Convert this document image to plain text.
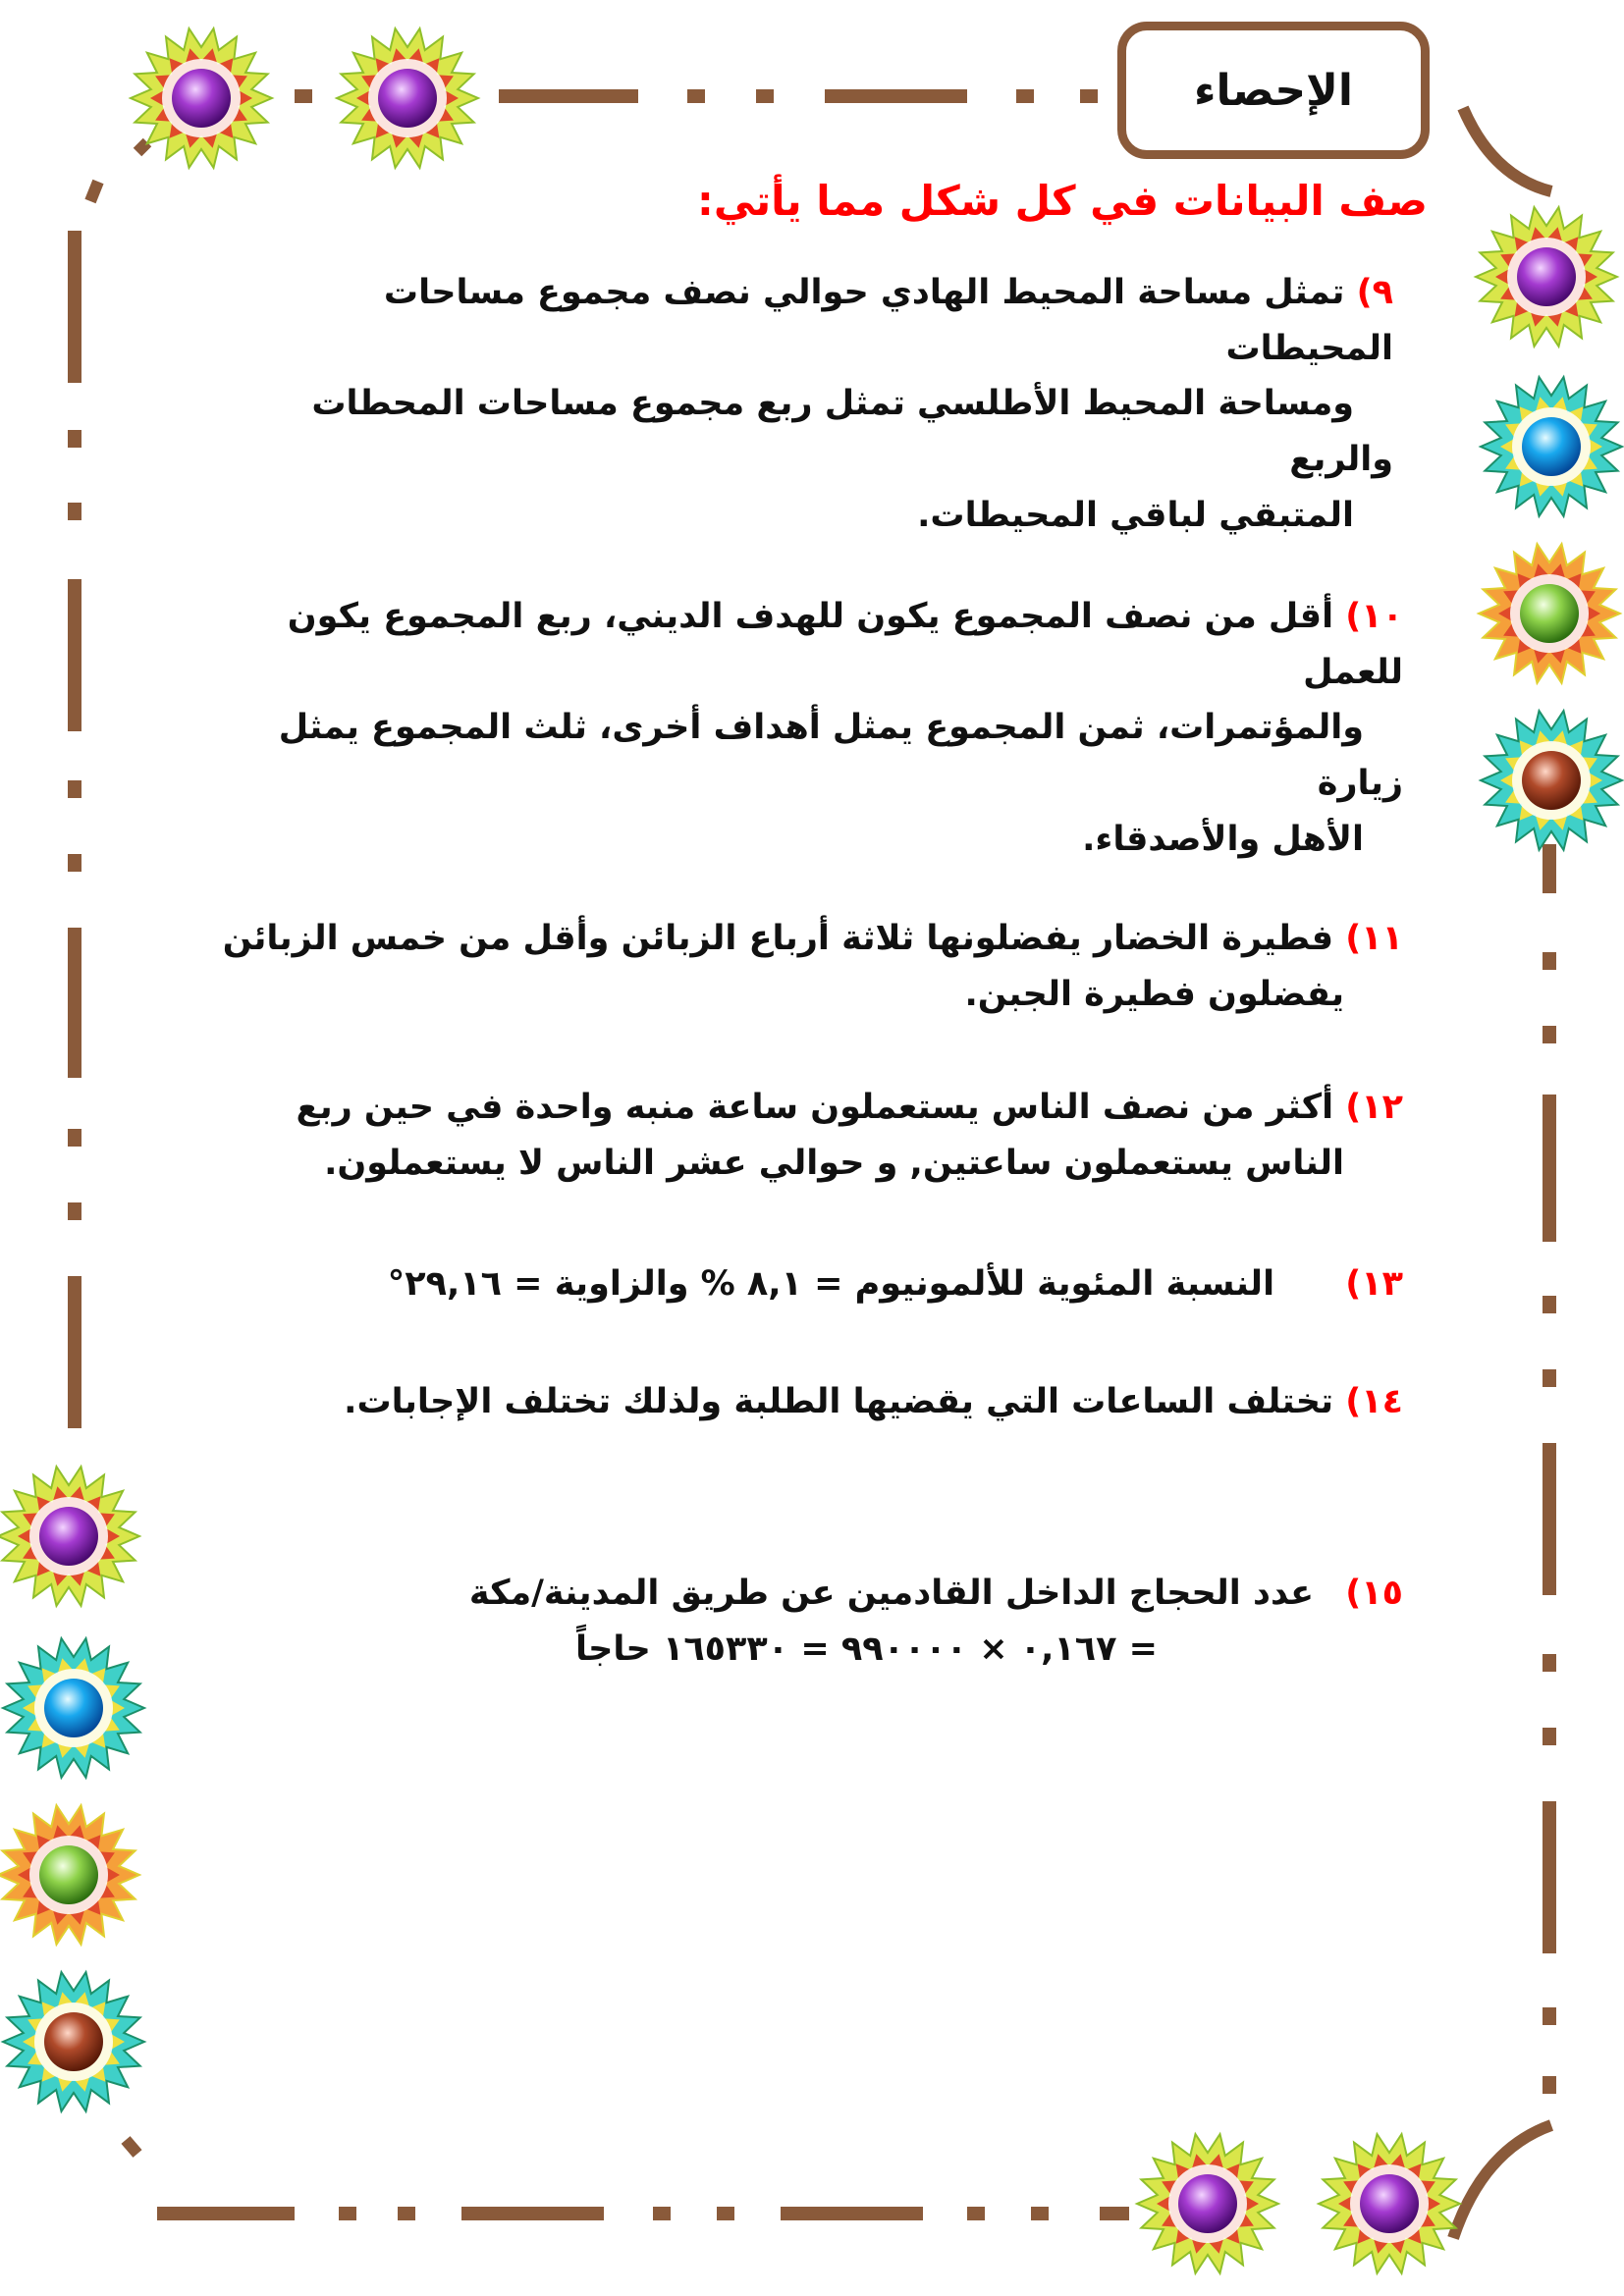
الإحصاء
صف البيانات في كل شكل مما يأتي:
٩) تمثل مساحة المحيط الهادي حوالي نصف مجموع مساحات المحيطات
ومساحة المحيط الأطلسي تمثل ربع مجموع مساحات المحطات والربع
المتبقي لباقي المحيطات.
١٠) أقل من نصف المجموع يكون للهدف الديني، ربع المجموع يكون للعمل
والمؤتمرات، ثمن المجموع يمثل أهداف أخرى، ثلث المجموع يمثل زيارة
الأهل والأصدقاء.
١١) فطيرة الخضار يفضلونها ثلاثة أرباع الزبائن وأقل من خمس الزبائن
يفضلون فطيرة الجبن.
١٢) أكثر من نصف الناس يستعملون ساعة منبه واحدة في حين ربع
الناس يستعملون ساعتين, و حوالي عشر الناس لا يستعملون.
١٣) النسبة المئوية للألمونيوم = ٨,١ % والزاوية = ٢٩,١٦°
١٤) تختلف الساعات التي يقضيها الطلبة ولذلك تختلف الإجابات.
١٥) عدد الحجاج الداخل القادمين عن طريق المدينة/مكة
= ٠,١٦٧ × ٩٩٠٠٠٠ = ١٦٥٣٣٠ حاجاً
